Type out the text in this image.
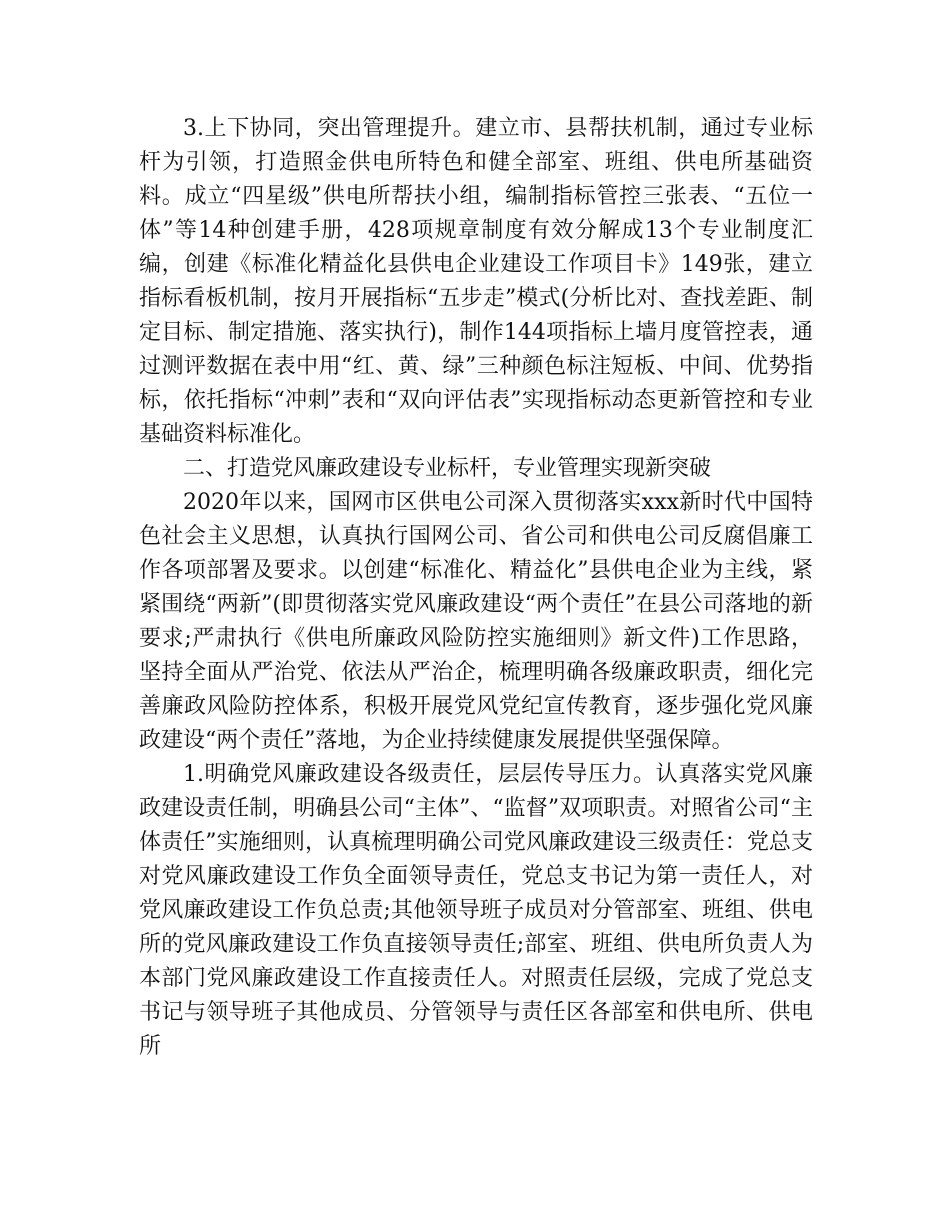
3.上下协同，突出管理提升。建立市、县帮扶机制，通过专业标杆为引领，打造照金供电所特色和健全部室、班组、供电所基础资料。成立“四星级”供电所帮扶小组，编制指标管控三张表、“五位一体”等14种创建手册，428项规章制度有效分解成13个专业制度汇编，创建《标准化精益化县供电企业建设工作项目卡》149张，建立指标看板机制，按月开展指标“五步走”模式(分析比对、查找差距、制定目标、制定措施、落实执行)，制作144项指标上墙月度管控表，通过测评数据在表中用“红、黄、绿”三种颜色标注短板、中间、优势指标，依托指标“冲刺”表和“双向评估表”实现指标动态更新管控和专业基础资料标准化。

二、打造党风廉政建设专业标杆，专业管理实现新突破

2020年以来，国网市区供电公司深入贯彻落实xxx新时代中国特色社会主义思想，认真执行国网公司、省公司和供电公司反腐倡廉工作各项部署及要求。以创建“标准化、精益化”县供电企业为主线，紧紧围绕“两新”(即贯彻落实党风廉政建设“两个责任”在县公司落地的新要求;严肃执行《供电所廉政风险防控实施细则》新文件)工作思路，坚持全面从严治党、依法从严治企，梳理明确各级廉政职责，细化完善廉政风险防控体系，积极开展党风党纪宣传教育，逐步强化党风廉政建设“两个责任”落地，为企业持续健康发展提供坚强保障。

1.明确党风廉政建设各级责任，层层传导压力。认真落实党风廉政建设责任制，明确县公司“主体”、“监督”双项职责。对照省公司“主体责任”实施细则，认真梳理明确公司党风廉政建设三级责任：党总支对党风廉政建设工作负全面领导责任，党总支书记为第一责任人，对党风廉政建设工作负总责;其他领导班子成员对分管部室、班组、供电所的党风廉政建设工作负直接领导责任;部室、班组、供电所负责人为本部门党风廉政建设工作直接责任人。对照责任层级，完成了党总支书记与领导班子其他成员、分管领导与责任区各部室和供电所、供电所
